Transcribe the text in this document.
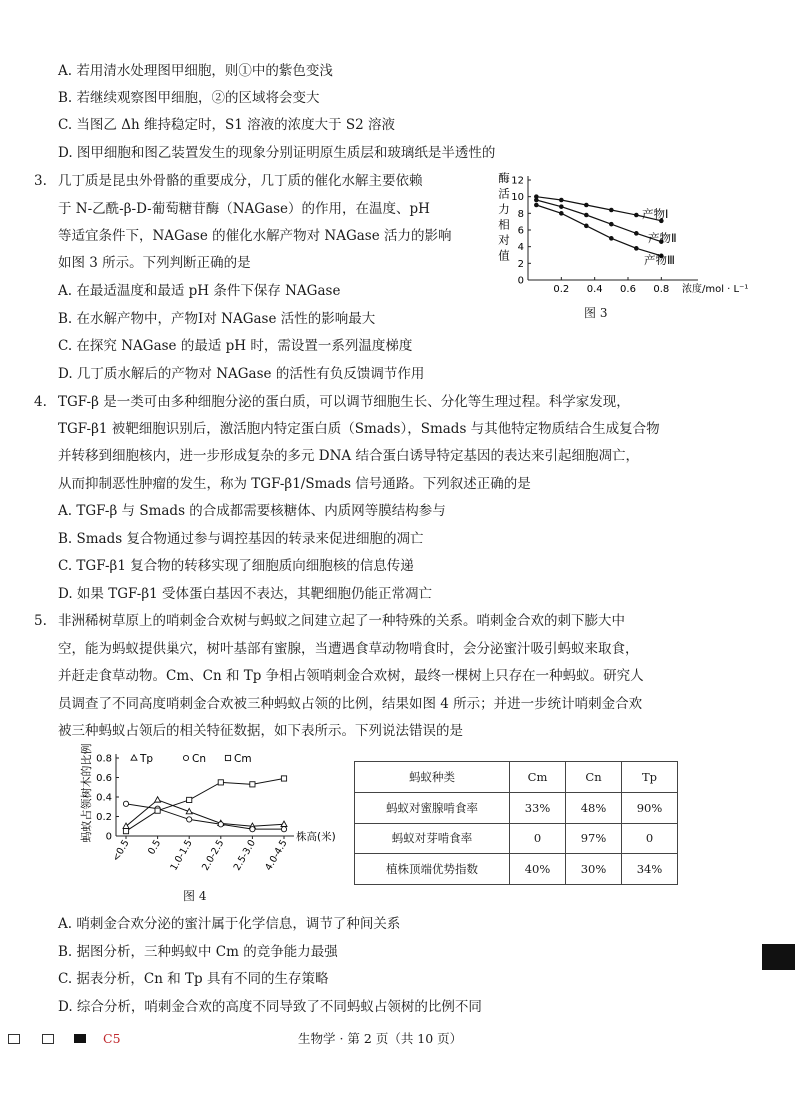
A. 若用清水处理图甲细胞，则①中的紫色变浅
B. 若继续观察图甲细胞，②的区域将会变大
C. 当图乙 Δh 维持稳定时，S1 溶液的浓度大于 S2 溶液
D. 图甲细胞和图乙装置发生的现象分别证明原生质层和玻璃纸是半透性的
3. 几丁质是昆虫外骨骼的重要成分，几丁质的催化水解主要依赖
于 N-乙酰-β-D-葡萄糖苷酶（NAGase）的作用，在温度、pH
等适宜条件下，NAGase 的催化水解产物对 NAGase 活力的影响
如图 3 所示。下列判断正确的是
A. 在最适温度和最适 pH 条件下保存 NAGase
B. 在水解产物中，产物Ⅰ对 NAGase 活性的影响最大
C. 在探究 NAGase 的最适 pH 时，需设置一系列温度梯度
D. 几丁质水解后的产物对 NAGase 的活性有负反馈调节作用
0
2
4
6
8
10
12
0.2 0.4 0.6 0.8 浓度/mol · L⁻¹
酶
活
力
相
对
值
产物Ⅰ
产物Ⅱ
产物Ⅲ
图 3
4. TGF-β 是一类可由多种细胞分泌的蛋白质，可以调节细胞生长、分化等生理过程。科学家发现，
TGF-β1 被靶细胞识别后，激活胞内特定蛋白质（Smads），Smads 与其他特定物质结合生成复合物
并转移到细胞核内，进一步形成复杂的多元 DNA 结合蛋白诱导特定基因的表达来引起细胞凋亡，
从而抑制恶性肿瘤的发生，称为 TGF-β1/Smads 信号通路。下列叙述正确的是
A. TGF-β 与 Smads 的合成都需要核糖体、内质网等膜结构参与
B. Smads 复合物通过参与调控基因的转录来促进细胞的凋亡
C. TGF-β1 复合物的转移实现了细胞质向细胞核的信息传递
D. 如果 TGF-β1 受体蛋白基因不表达，其靶细胞仍能正常凋亡
5. 非洲稀树草原上的哨刺金合欢树与蚂蚁之间建立起了一种特殊的关系。哨刺金合欢的刺下膨大中
空，能为蚂蚁提供巢穴，树叶基部有蜜腺，当遭遇食草动物啃食时，会分泌蜜汁吸引蚂蚁来取食，
并赶走食草动物。Cm、Cn 和 Tp 争相占领哨刺金合欢树，最终一棵树上只存在一种蚂蚁。研究人
员调查了不同高度哨刺金合欢被三种蚂蚁占领的比例，结果如图 4 所示；并进一步统计哨刺金合欢
被三种蚂蚁占领后的相关特征数据，如下表所示。下列说法错误的是
0
0.2
0.4
0.6
0.8
<0.5 0.5 1.0-1.5 2.0-2.5 2.5-3.0 4.0-4.5
株高(米)
蚂蚁占领树木的比例	Tp	Cn	Cm
图 4
蚂蚁种类	Cm	Cn	Tp
蚂蚁对蜜腺啃食率	33%	48%	90%
蚂蚁对芽啃食率	0	97%	0
植株顶端优势指数	40%	30%	34%
A. 哨刺金合欢分泌的蜜汁属于化学信息，调节了种间关系
B. 据图分析，三种蚂蚁中 Cm 的竞争能力最强
C. 据表分析，Cn 和 Tp 具有不同的生存策略
D. 综合分析，哨刺金合欢的高度不同导致了不同蚂蚁占领树的比例不同
C5	生物学 · 第 2 页（共 10 页）
